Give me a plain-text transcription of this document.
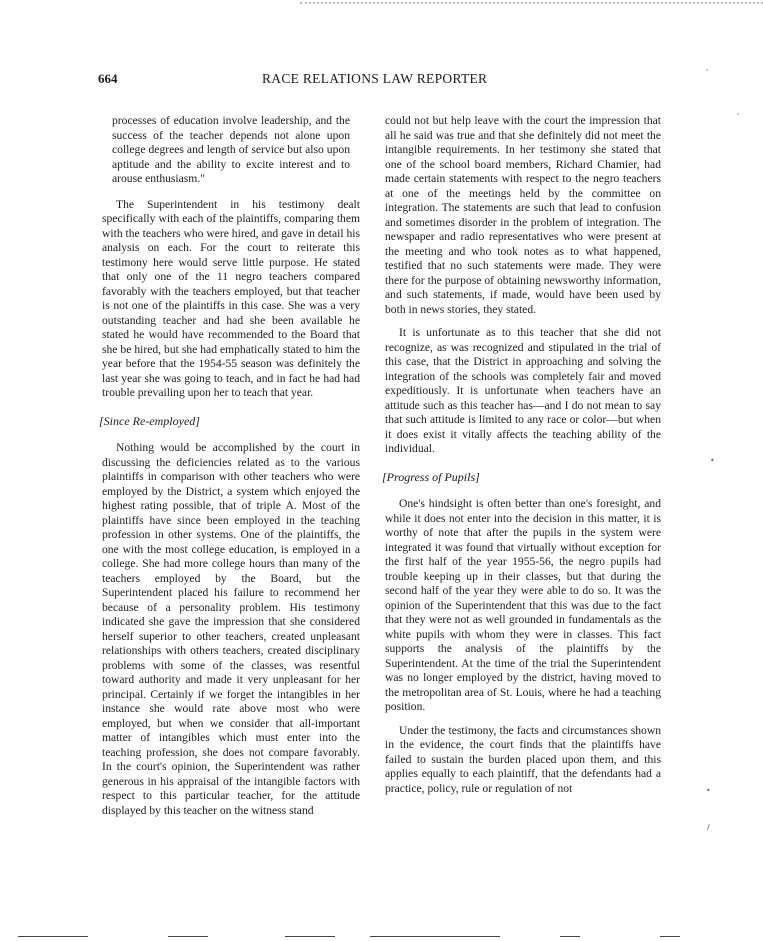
664	RACE RELATIONS LAW REPORTER

processes of education involve leadership, and the success of the teacher depends not alone upon college degrees and length of service but also upon aptitude and the ability to excite interest and to arouse enthusiasm."

The Superintendent in his testimony dealt specifically with each of the plaintiffs, comparing them with the teachers who were hired, and gave in detail his analysis on each. For the court to reiterate this testimony here would serve little purpose. He stated that only one of the 11 negro teachers compared favorably with the teachers employed, but that teacher is not one of the plaintiffs in this case. She was a very outstanding teacher and had she been available he stated he would have recommended to the Board that she be hired, but she had emphatically stated to him the year before that the 1954-55 season was definitely the last year she was going to teach, and in fact he had had trouble prevailing upon her to teach that year.

[Since Re-employed]

Nothing would be accomplished by the court in discussing the deficiencies related as to the various plaintiffs in comparison with other teachers who were employed by the District, a system which enjoyed the highest rating possible, that of triple A. Most of the plaintiffs have since been employed in the teaching profession in other systems. One of the plaintiffs, the one with the most college education, is employed in a college. She had more college hours than many of the teachers employed by the Board, but the Superintendent placed his failure to recommend her because of a personality problem. His testimony indicated she gave the impression that she considered herself superior to other teachers, created unpleasant relationships with others teachers, created disciplinary problems with some of the classes, was resentful toward authority and made it very unpleasant for her principal. Certainly if we forget the intangibles in her instance she would rate above most who were employed, but when we consider that all-important matter of intangibles which must enter into the teaching profession, she does not compare favorably. In the court's opinion, the Superintendent was rather generous in his appraisal of the intangible factors with respect to this particular teacher, for the attitude displayed by this teacher on the witness stand

could not but help leave with the court the impression that all he said was true and that she definitely did not meet the intangible requirements. In her testimony she stated that one of the school board members, Richard Chamier, had made certain statements with respect to the negro teachers at one of the meetings held by the committee on integration. The statements are such that lead to confusion and sometimes disorder in the problem of integration. The newspaper and radio representatives who were present at the meeting and who took notes as to what happened, testified that no such statements were made. They were there for the purpose of obtaining newsworthy information, and such statements, if made, would have been used by both in news stories, they stated.

It is unfortunate as to this teacher that she did not recognize, as was recognized and stipulated in the trial of this case, that the District in approaching and solving the integration of the schools was completely fair and moved expeditiously. It is unfortunate when teachers have an attitude such as this teacher has—and I do not mean to say that such attitude is limited to any race or color—but when it does exist it vitally affects the teaching ability of the individual.

[Progress of Pupils]

One's hindsight is often better than one's foresight, and while it does not enter into the decision in this matter, it is worthy of note that after the pupils in the system were integrated it was found that virtually without exception for the first half of the year 1955-56, the negro pupils had trouble keeping up in their classes, but that during the second half of the year they were able to do so. It was the opinion of the Superintendent that this was due to the fact that they were not as well grounded in fundamentals as the white pupils with whom they were in classes. This fact supports the analysis of the plaintiffs by the Superintendent. At the time of the trial the Superintendent was no longer employed by the district, having moved to the metropolitan area of St. Louis, where he had a teaching position.

Under the testimony, the facts and circumstances shown in the evidence, the court finds that the plaintiffs have failed to sustain the burden placed upon them, and this applies equally to each plaintiff, that the defendants had a practice, policy, rule or regulation of not

'
'
•
•
/
